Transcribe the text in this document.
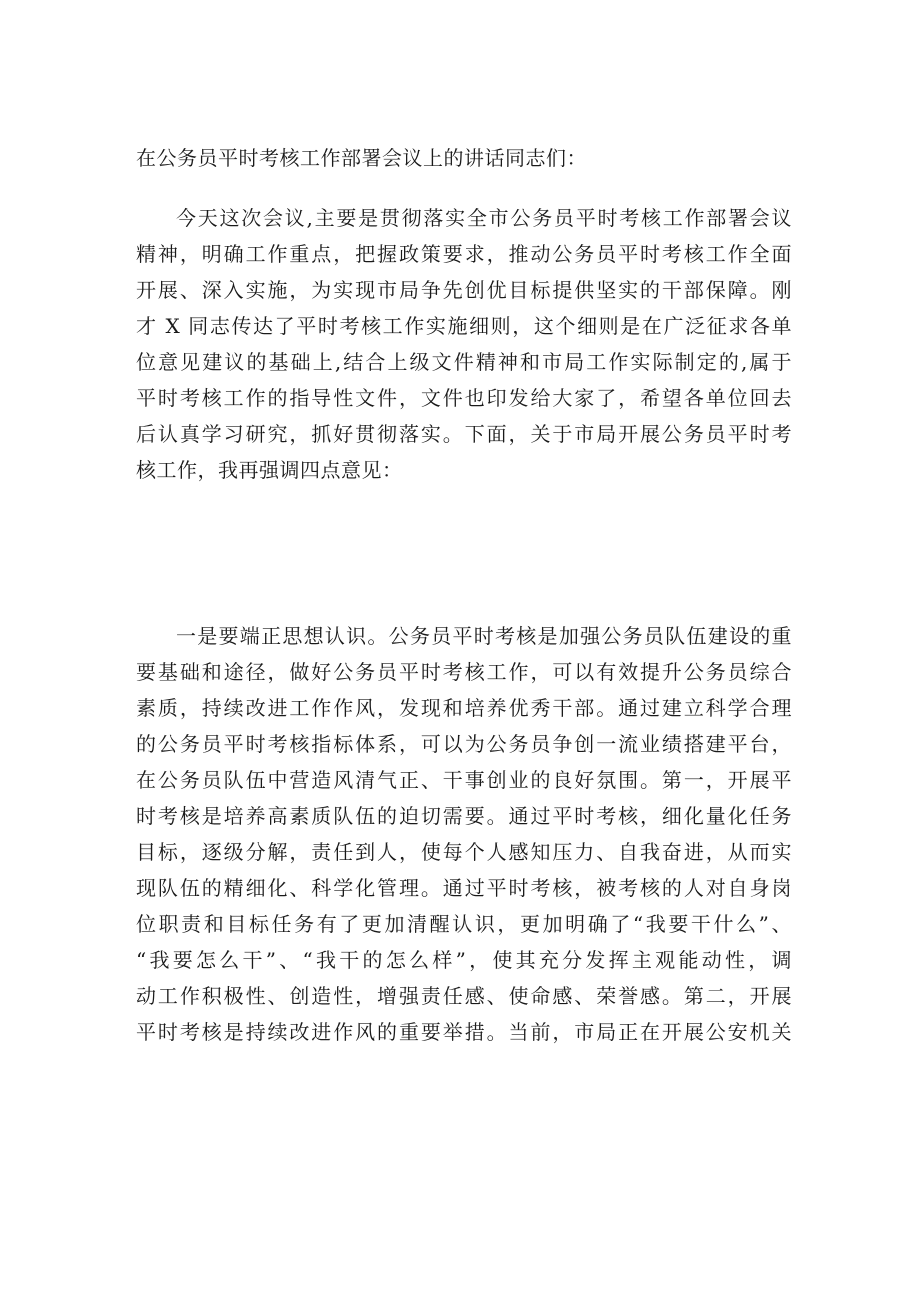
在公务员平时考核工作部署会议上的讲话同志们：
今天这次会议,主要是贯彻落实全市公务员平时考核工作部署会议
精神，明确工作重点，把握政策要求，推动公务员平时考核工作全面
开展、深入实施，为实现市局争先创优目标提供坚实的干部保障。刚
才 X 同志传达了平时考核工作实施细则，这个细则是在广泛征求各单
位意见建议的基础上,结合上级文件精神和市局工作实际制定的,属于
平时考核工作的指导性文件，文件也印发给大家了，希望各单位回去
后认真学习研究，抓好贯彻落实。下面，关于市局开展公务员平时考
核工作，我再强调四点意见：
一是要端正思想认识。公务员平时考核是加强公务员队伍建设的重
要基础和途径，做好公务员平时考核工作，可以有效提升公务员综合
素质，持续改进工作作风，发现和培养优秀干部。通过建立科学合理
的公务员平时考核指标体系，可以为公务员争创一流业绩搭建平台，
在公务员队伍中营造风清气正、干事创业的良好氛围。第一，开展平
时考核是培养高素质队伍的迫切需要。通过平时考核，细化量化任务
目标，逐级分解，责任到人，使每个人感知压力、自我奋进，从而实
现队伍的精细化、科学化管理。通过平时考核，被考核的人对自身岗
位职责和目标任务有了更加清醒认识，更加明确了“我要干什么”、
“我要怎么干”、“我干的怎么样”，使其充分发挥主观能动性，调
动工作积极性、创造性，增强责任感、使命感、荣誉感。第二，开展
平时考核是持续改进作风的重要举措。当前，市局正在开展公安机关
